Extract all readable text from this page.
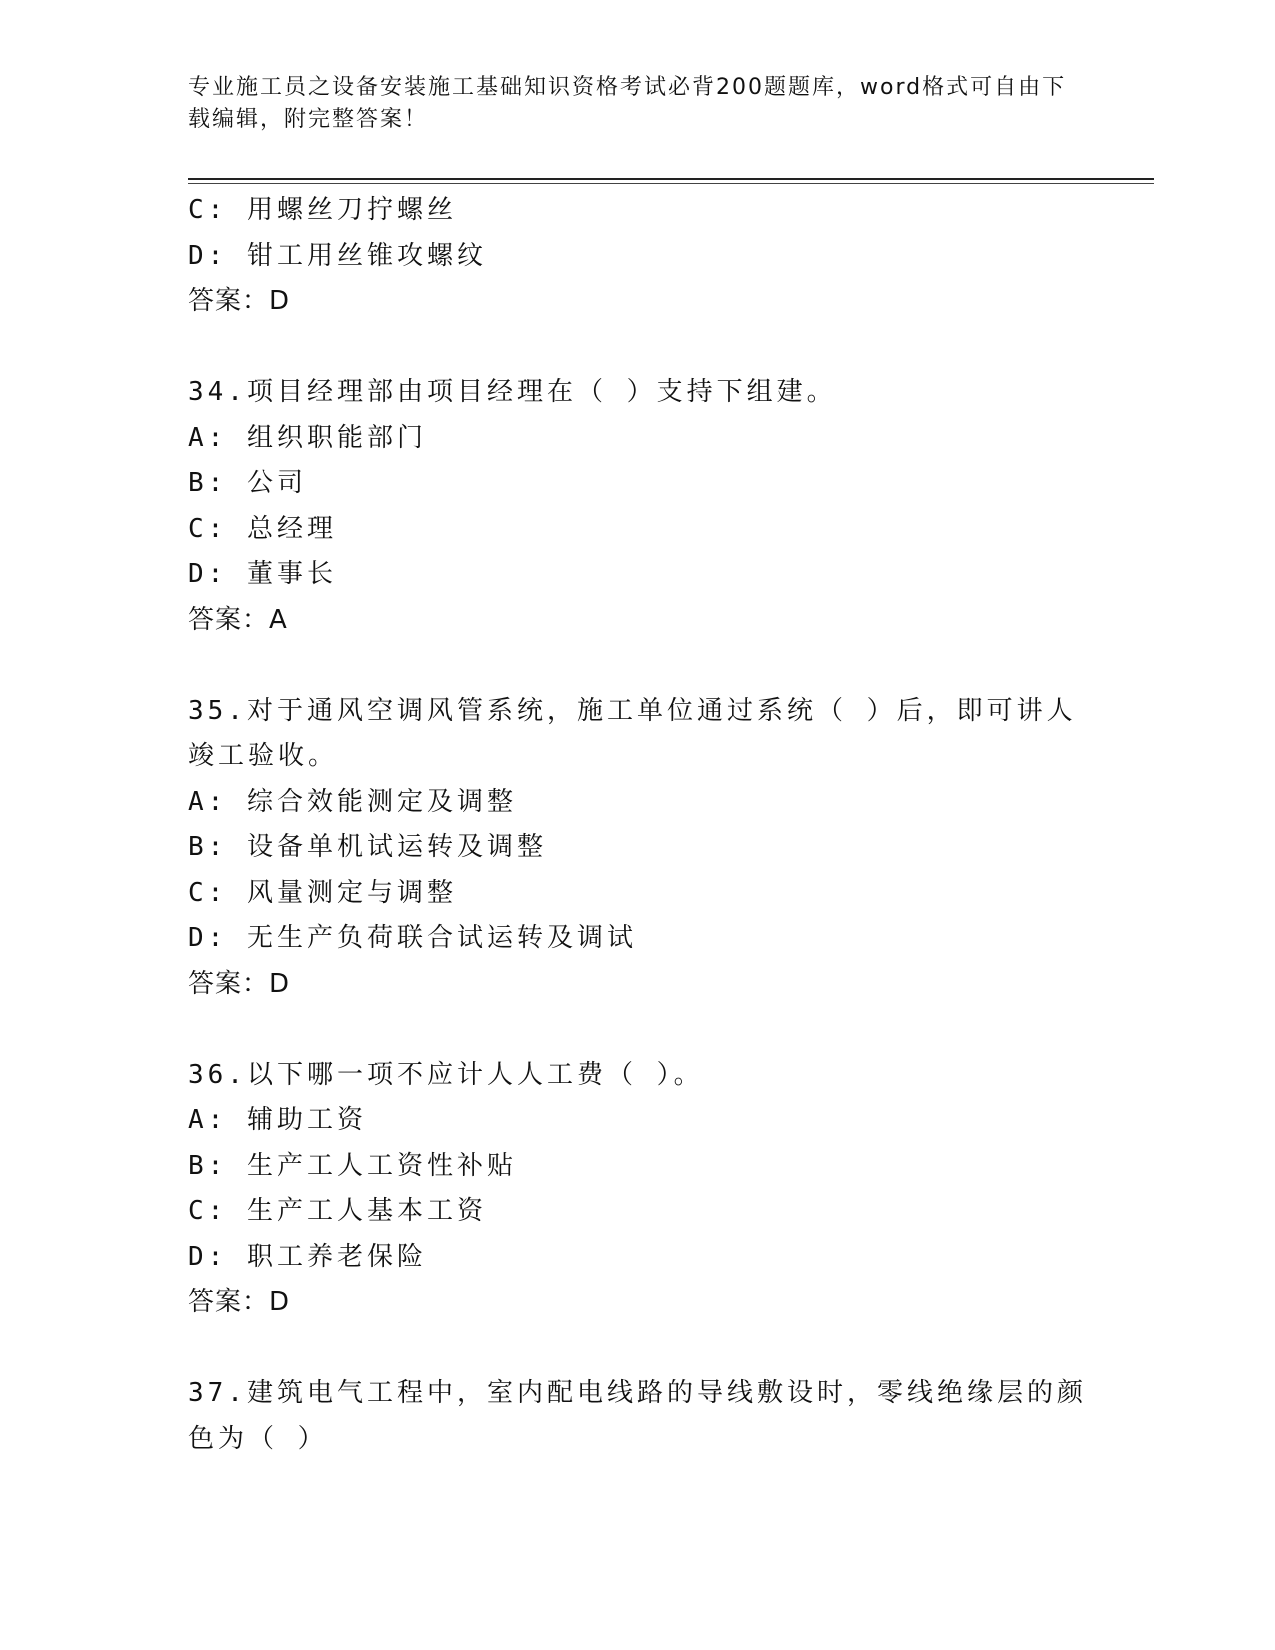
专业施工员之设备安装施工基础知识资格考试必背200题题库，word格式可自由下载编辑，附完整答案！
C: 用螺丝刀拧螺丝
D: 钳工用丝锥攻螺纹
答案：D
34.项目经理部由项目经理在（ ）支持下组建。
A: 组织职能部门
B: 公司
C: 总经理
D: 董事长
答案：A
35.对于通风空调风管系统，施工单位通过系统（ ）后，即可讲人竣工验收。
A: 综合效能测定及调整
B: 设备单机试运转及调整
C: 风量测定与调整
D: 无生产负荷联合试运转及调试
答案：D
36.以下哪一项不应计人人工费（ ）。
A: 辅助工资
B: 生产工人工资性补贴
C: 生产工人基本工资
D: 职工养老保险
答案：D
37.建筑电气工程中，室内配电线路的导线敷设时，零线绝缘层的颜色为（ ）
